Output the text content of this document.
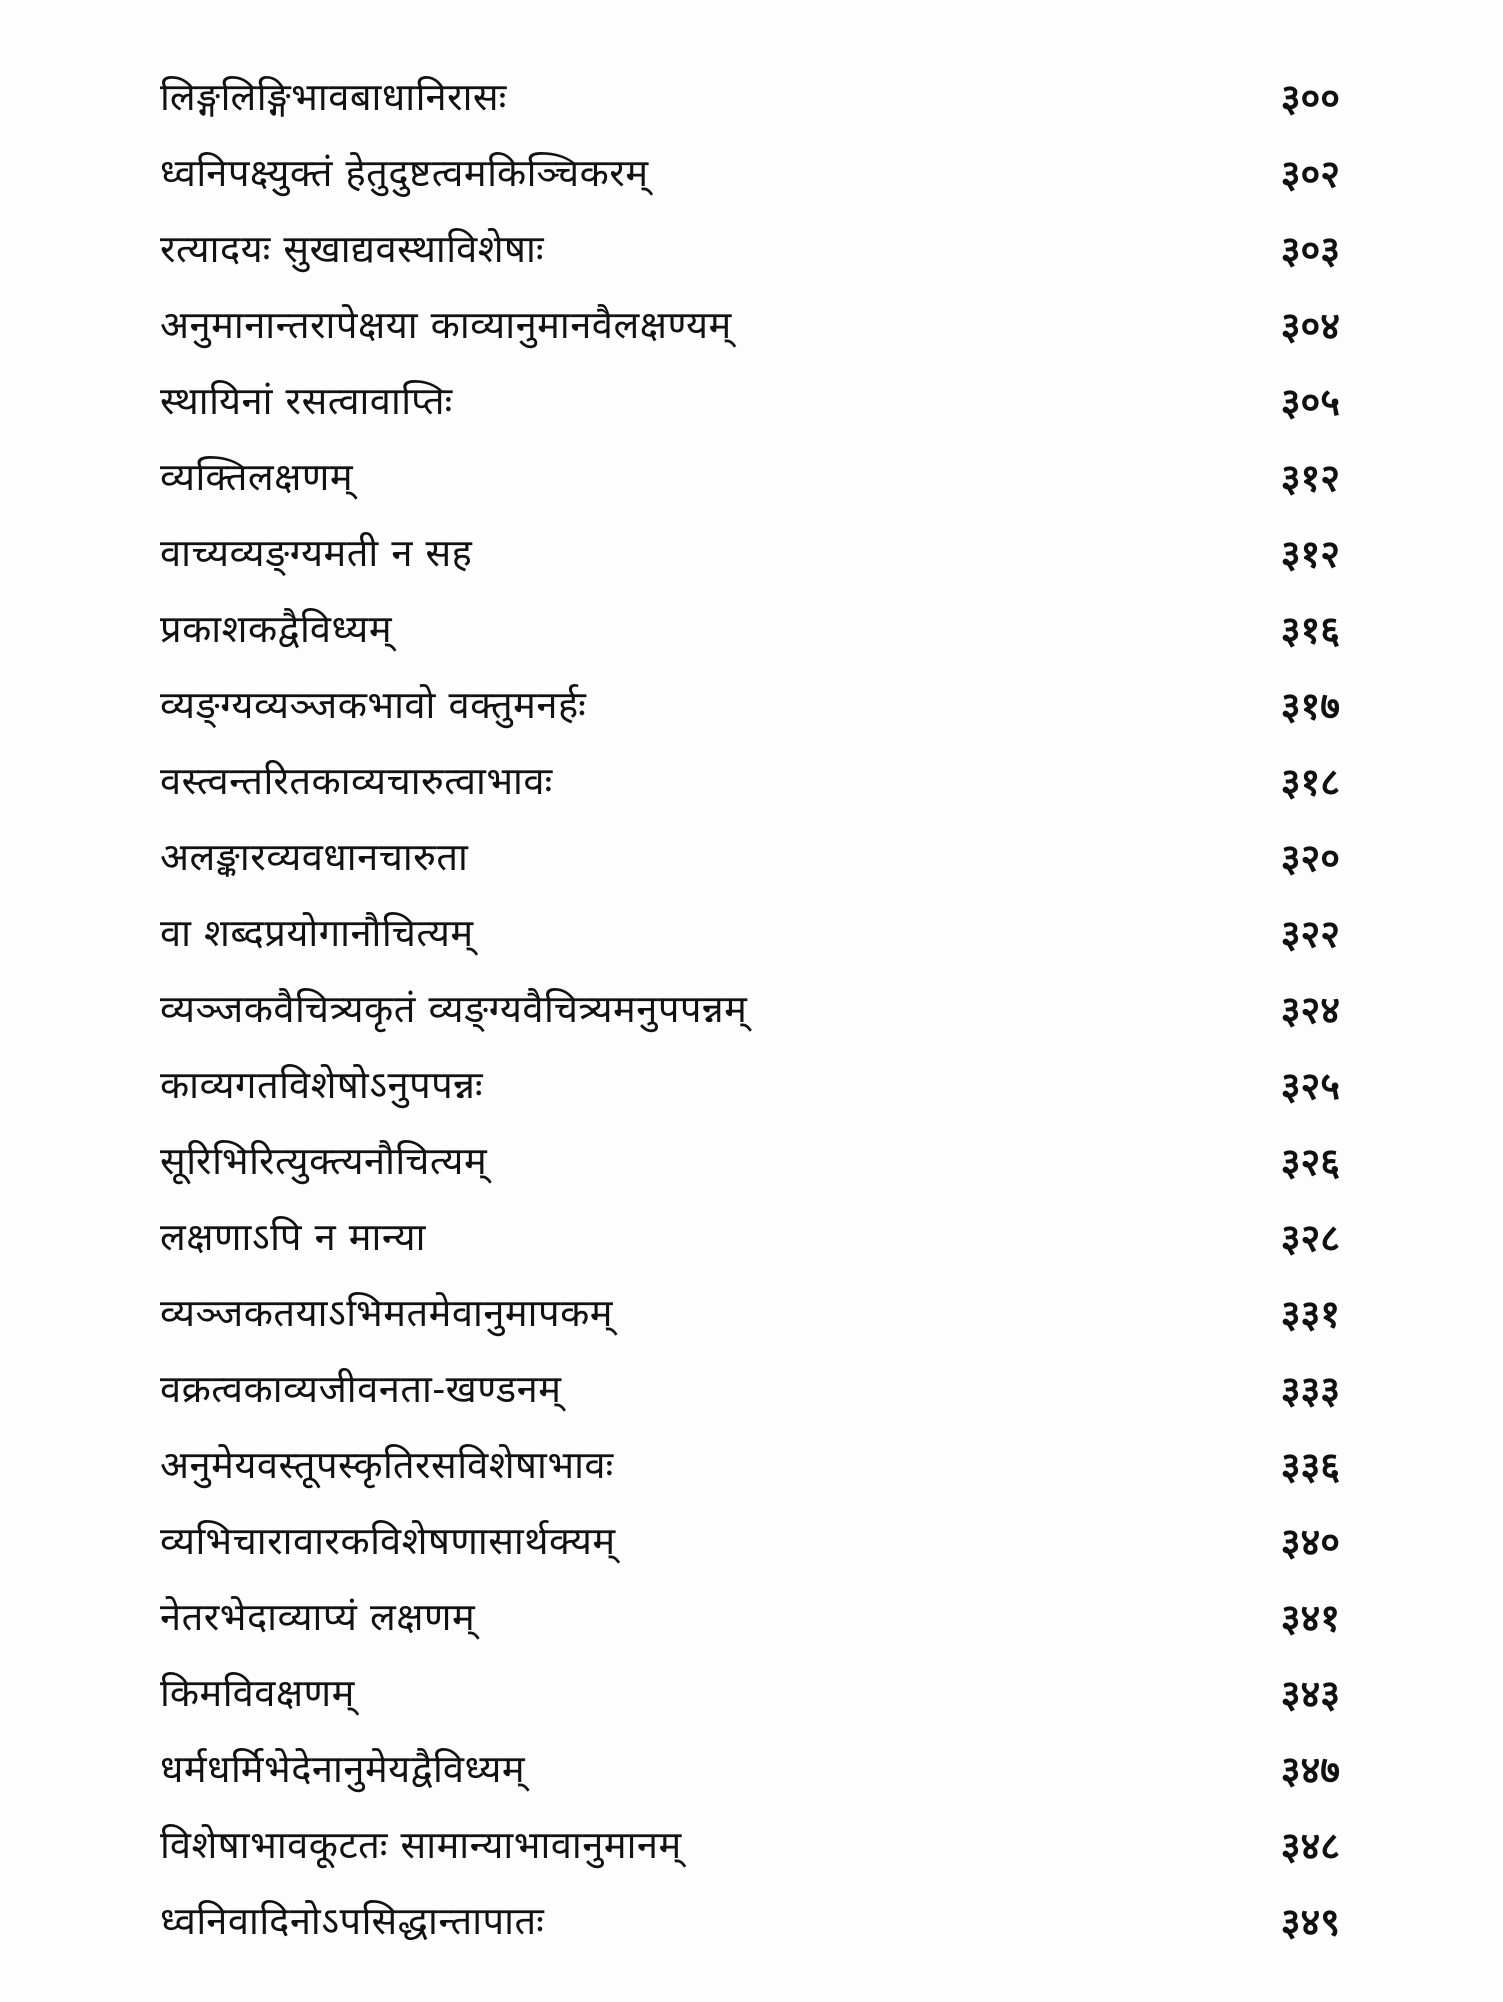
लिङ्गलिङ्गिभावबाधानिरासः	३००
ध्वनिपक्ष्युक्तं हेतुदुष्टत्वमकिञ्चिकरम्	३०२
रत्यादयः सुखाद्यवस्थाविशेषाः	३०३
अनुमानान्तरापेक्षया काव्यानुमानवैलक्षण्यम्	३०४
स्थायिनां रसत्वावाप्तिः	३०५
व्यक्तिलक्षणम्	३१२
वाच्यव्यङ्ग्यमती न सह	३१२
प्रकाशकद्वैविध्यम्	३१६
व्यङ्ग्यव्यञ्जकभावो वक्तुमनर्हः	३१७
वस्त्वन्तरितकाव्यचारुत्वाभावः	३१८
अलङ्कारव्यवधानचारुता	३२०
वा शब्दप्रयोगानौचित्यम्	३२२
व्यञ्जकवैचित्र्यकृतं व्यङ्ग्यवैचित्र्यमनुपपन्नम्	३२४
काव्यगतविशेषोऽनुपपन्नः	३२५
सूरिभिरित्युक्त्यनौचित्यम्	३२६
लक्षणाऽपि न मान्या	३२८
व्यञ्जकतयाऽभिमतमेवानुमापकम्	३३१
वक्रत्वकाव्यजीवनता-खण्डनम्	३३३
अनुमेयवस्तूपस्कृतिरसविशेषाभावः	३३६
व्यभिचारावारकविशेषणासार्थक्यम्	३४०
नेतरभेदाव्याप्यं लक्षणम्	३४१
किमविवक्षणम्	३४३
धर्मधर्मिभेदेनानुमेयद्वैविध्यम्	३४७
विशेषाभावकूटतः सामान्याभावानुमानम्	३४८
ध्वनिवादिनोऽपसिद्धान्तापातः	३४९
